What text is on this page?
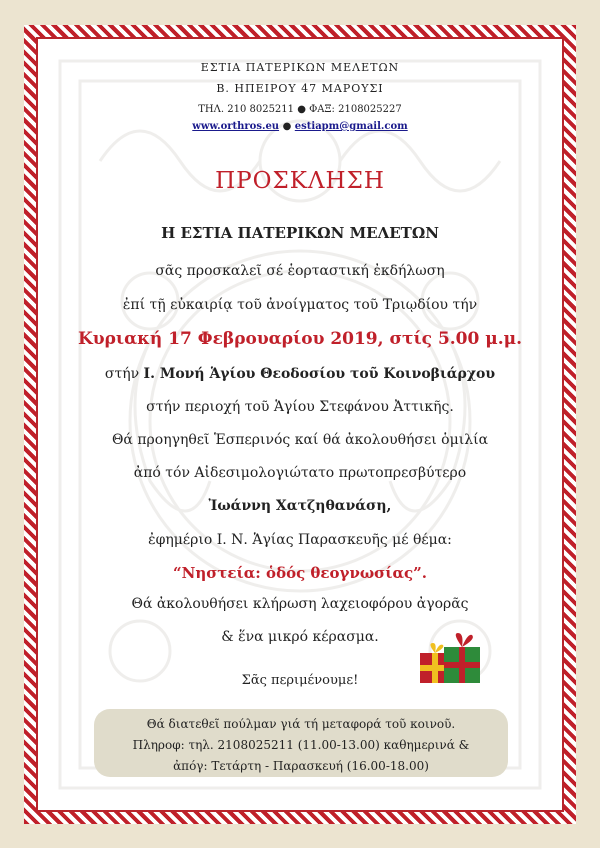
ΕΣΤΙΑ ΠΑΤΕΡΙΚΩΝ ΜΕΛΕΤΩΝ
Β. ΗΠΕΙΡΟΥ 47 ΜΑΡΟΥΣΙ
ΤΗΛ. 210 8025211 ● ΦΑΞ: 2108025227
www.orthros.eu ● estiapm@gmail.com
ΠΡΟΣΚΛΗΣΗ
Η ΕΣΤΙΑ ΠΑΤΕΡΙΚΩΝ ΜΕΛΕΤΩΝ
σᾶς προσκαλεῖ σέ ἑορταστική ἐκδήλωση
ἐπί τῇ εὐκαιρίᾳ τοῦ ἀνοίγματος τοῦ Τριῳδίου τήν
Κυριακή 17 Φεβρουαρίου 2019, στίς 5.00 μ.μ.
στήν Ι. Μονή Ἁγίου Θεοδοσίου τοῦ Κοινοβιάρχου
στήν περιοχή τοῦ Ἁγίου Στεφάνου Ἀττικῆς.
Θά προηγηθεῖ Ἑσπερινός καί θά ἀκολουθήσει ὁμιλία
ἀπό τόν Αἰδεσιμολογιώτατο πρωτοπρεσβύτερο
Ἰωάννη Χατζηθανάση,
ἐφημέριο Ι. Ν. Ἁγίας Παρασκευῆς μέ θέμα:
“Νηστεία: ὁδός θεογνωσίας”.
Θά ἀκολουθήσει κλήρωση λαχειοφόρου ἀγορᾶς
& ἕνα μικρό κέρασμα.
Σᾶς περιμένουμε!
Θά διατεθεῖ πούλμαν γιά τή μεταφορά τοῦ κοινοῦ.
Πληροφ: τηλ. 2108025211 (11.00-13.00) καθημερινά &
ἀπόγ: Τετάρτη - Παρασκευή (16.00-18.00)
